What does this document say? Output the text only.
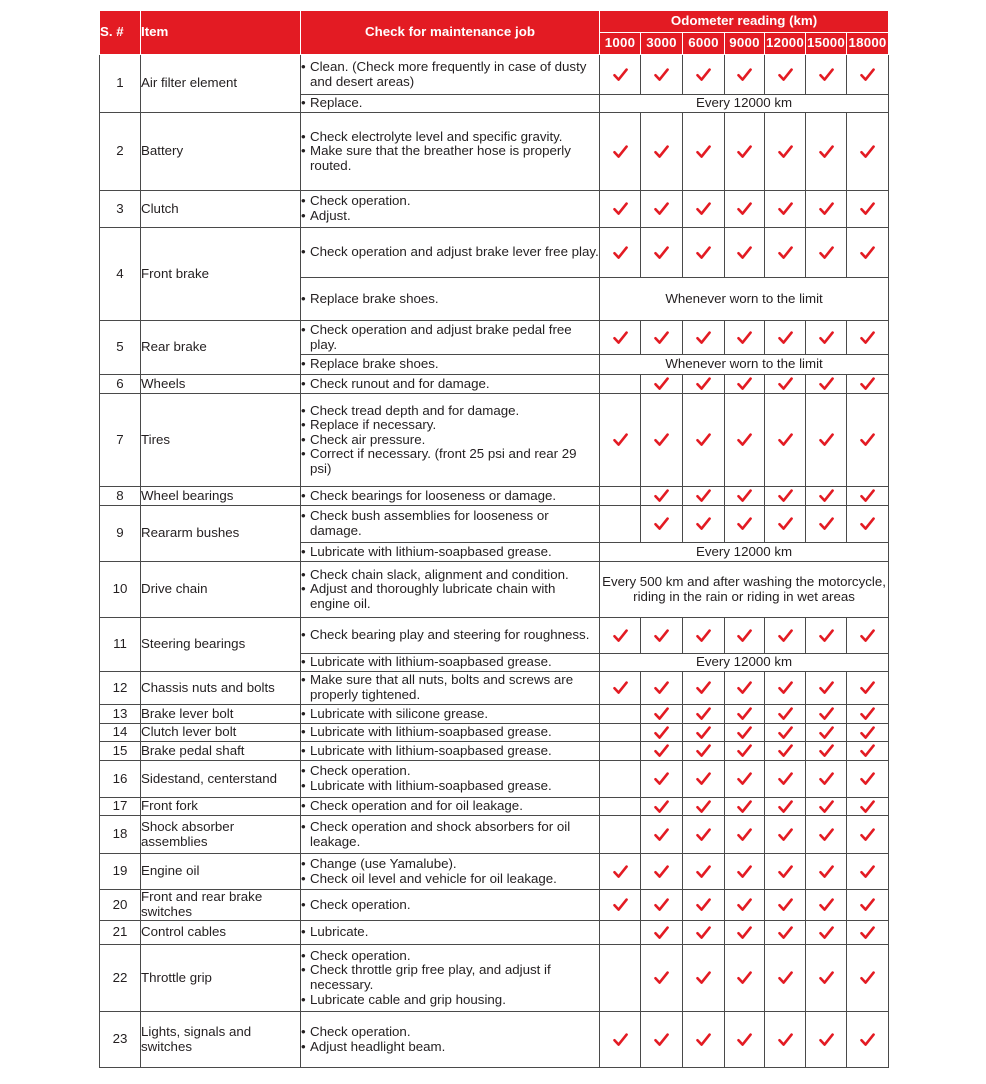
S. #	Item	Check for maintenance job	Odometer reading (km)						
			1000	3000	6000	9000	12000	15000	18000
1	Air filter element	• Clean. (Check more frequently in case of dusty and desert areas)

		• Replace.	Every 12000 km						
2	Battery	• Check electrolyte level and specific gravity.
• Make sure that the breather hose is properly routed.

3	Clutch	• Check operation.
• Adjust.

4	Front brake	• Check operation and adjust brake lever free play.

		• Replace brake shoes.	Whenever worn to the limit						
5	Rear brake	• Check operation and adjust brake pedal free play.

		• Replace brake shoes.	Whenever worn to the limit						
6	Wheels	• Check runout and for damage.

7	Tires	• Check tread depth and for damage.
• Replace if necessary.
• Check air pressure.
• Correct if necessary. (front 25 psi and rear 29 psi)

8	Wheel bearings	• Check bearings for looseness or damage.

9	Reararm bushes	• Check bush assemblies for looseness or damage.

		• Lubricate with lithium-soapbased grease.	Every 12000 km						
10	Drive chain	• Check chain slack, alignment and condition.
• Adjust and thoroughly lubricate chain with engine oil.	Every 500 km and after washing the motorcycle, riding in the rain or riding in wet areas						
11	Steering bearings	• Check bearing play and steering for roughness.

		• Lubricate with lithium-soapbased grease.	Every 12000 km						
12	Chassis nuts and bolts	• Make sure that all nuts, bolts and screws are properly tightened.

13	Brake lever bolt	• Lubricate with silicone grease.

14	Clutch lever bolt	• Lubricate with lithium-soapbased grease.

15	Brake pedal shaft	• Lubricate with lithium-soapbased grease.

16	Sidestand, centerstand	• Check operation.
• Lubricate with lithium-soapbased grease.

17	Front fork	• Check operation and for oil leakage.

18	Shock absorber assemblies	• Check operation and shock absorbers for oil leakage.

19	Engine oil	• Change (use Yamalube).
• Check oil level and vehicle for oil leakage.

20	Front and rear brake switches	• Check operation.

21	Control cables	• Lubricate.

22	Throttle grip	• Check operation.
• Check throttle grip free play, and adjust if necessary.
• Lubricate cable and grip housing.

23	Lights, signals and switches	• Check operation.
• Adjust headlight beam.
